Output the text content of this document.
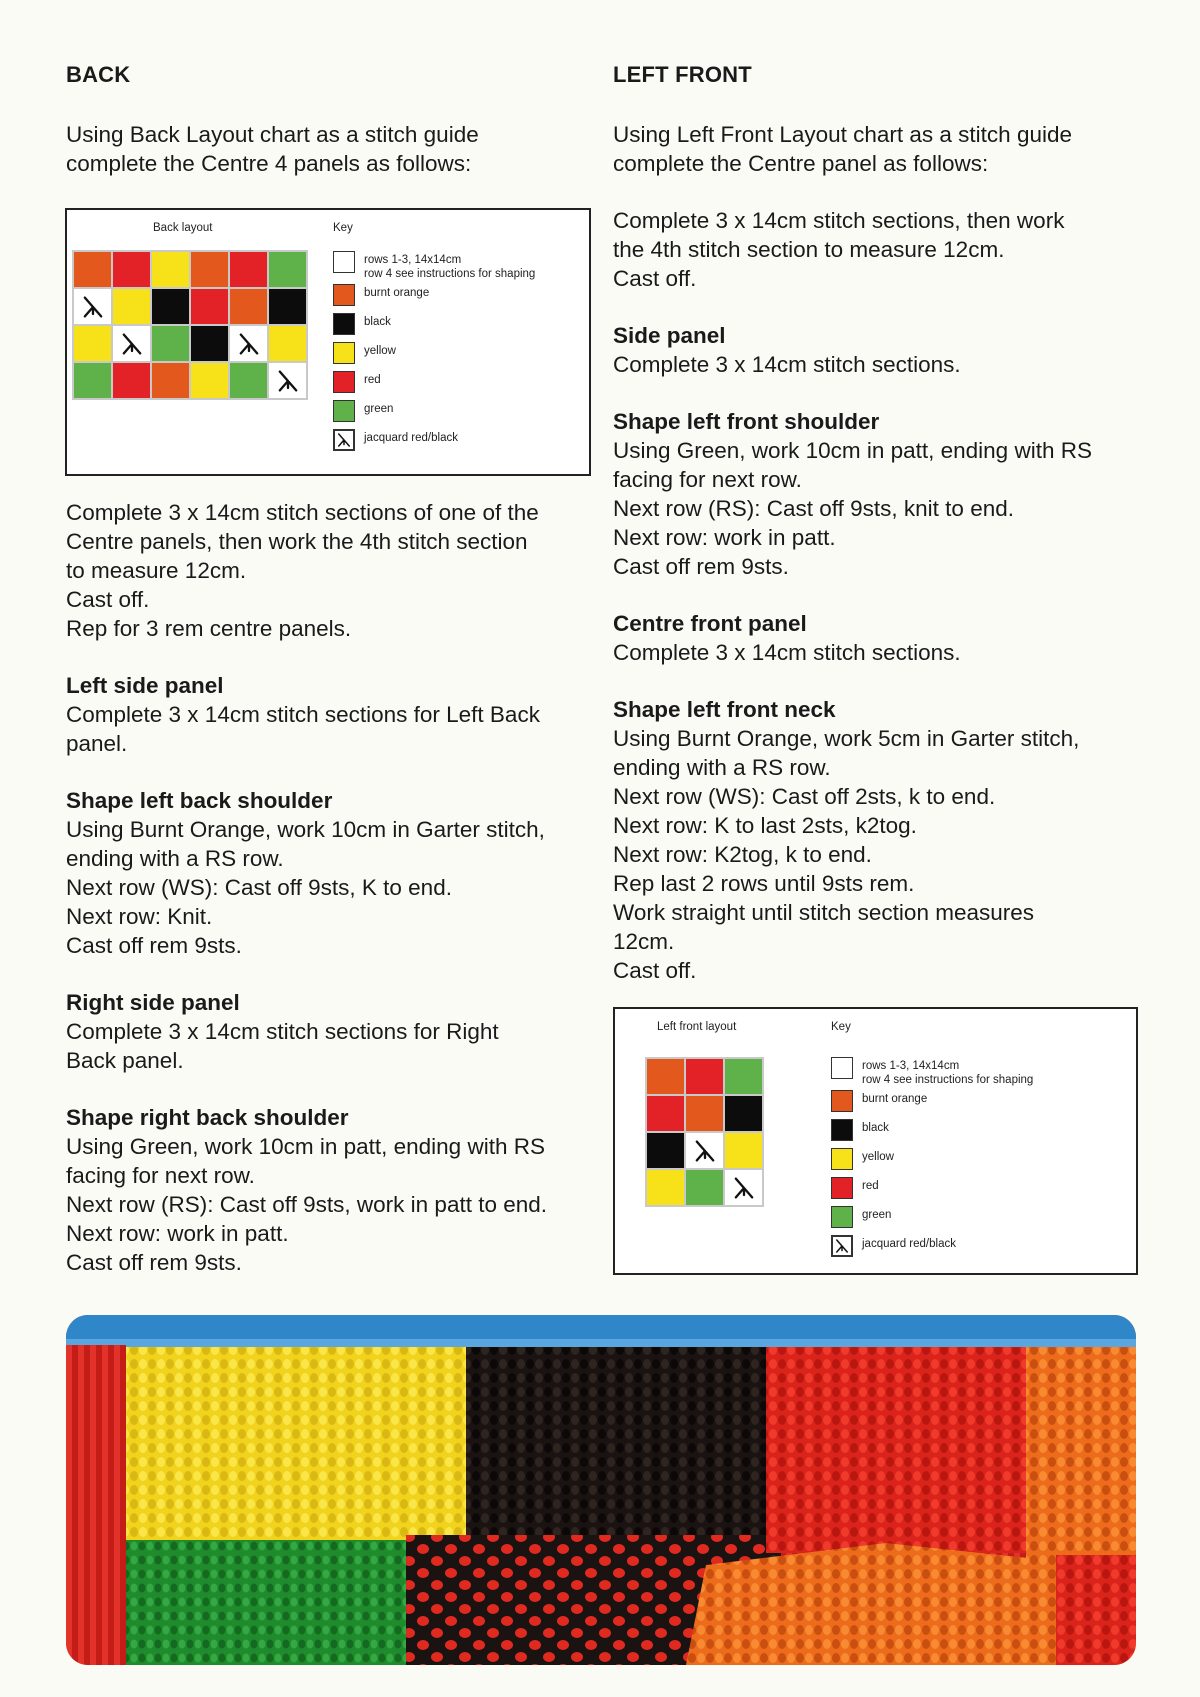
BACK
Using Back Layout chart as a stitch guide
complete the Centre 4 panels as follows:
Back layout	Key
rows 1-3, 14x14cm
row 4 see instructions for shaping
burnt orange
black
yellow
red
green
jacquard red/black
Complete 3 x 14cm stitch sections of one of the
Centre panels, then work the 4th stitch section
to measure 12cm.
Cast off.
Rep for 3 rem centre panels.
Left side panel
Complete 3 x 14cm stitch sections for Left Back
panel.
Shape left back shoulder
Using Burnt Orange, work 10cm in Garter stitch,
ending with a RS row.
Next row (WS): Cast off 9sts, K to end.
Next row: Knit.
Cast off rem 9sts.
Right side panel
Complete 3 x 14cm stitch sections for Right
Back panel.
Shape right back shoulder
Using Green, work 10cm in patt, ending with RS
facing for next row.
Next row (RS): Cast off 9sts, work in patt to end.
Next row: work in patt.
Cast off rem 9sts.
LEFT FRONT
Using Left Front Layout chart as a stitch guide
complete the Centre panel as follows:
Complete 3 x 14cm stitch sections, then work
the 4th stitch section to measure 12cm.
Cast off.
Side panel
Complete 3 x 14cm stitch sections.
Shape left front shoulder
Using Green, work 10cm in patt, ending with RS
facing for next row.
Next row (RS): Cast off 9sts, knit to end.
Next row: work in patt.
Cast off rem 9sts.
Centre front panel
Complete 3 x 14cm stitch sections.
Shape left front neck
Using Burnt Orange, work 5cm in Garter stitch,
ending with a RS row.
Next row (WS): Cast off 2sts, k to end.
Next row: K to last 2sts, k2tog.
Next row: K2tog, k to end.
Rep last 2 rows until 9sts rem.
Work straight until stitch section measures
12cm.
Cast off.
Left front layout	Key
rows 1-3, 14x14cm
row 4 see instructions for shaping
burnt orange
black
yellow
red
green
jacquard red/black
